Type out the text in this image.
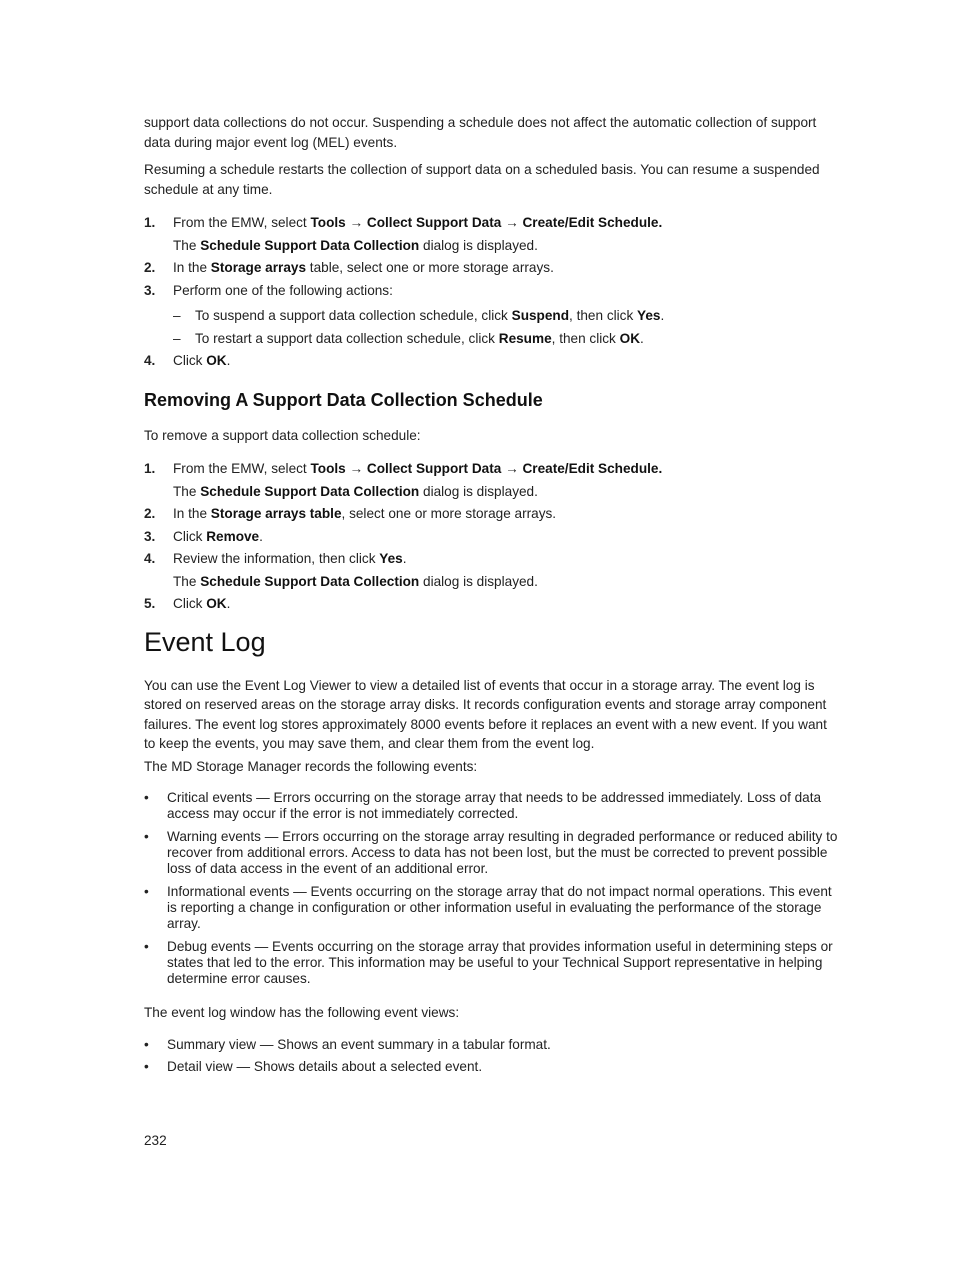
support data collections do not occur. Suspending a schedule does not affect the automatic collection of support data during major event log (MEL) events.

Resuming a schedule restarts the collection of support data on a scheduled basis. You can resume a suspended schedule at any time.

1. From the EMW, select Tools → Collect Support Data → Create/Edit Schedule.
The Schedule Support Data Collection dialog is displayed.
2. In the Storage arrays table, select one or more storage arrays.
3. Perform one of the following actions:
– To suspend a support data collection schedule, click Suspend, then click Yes.
– To restart a support data collection schedule, click Resume, then click OK.
4. Click OK.
Removing A Support Data Collection Schedule

To remove a support data collection schedule:

1. From the EMW, select Tools → Collect Support Data → Create/Edit Schedule.
The Schedule Support Data Collection dialog is displayed.
2. In the Storage arrays table, select one or more storage arrays.
3. Click Remove.
4. Review the information, then click Yes.
The Schedule Support Data Collection dialog is displayed.
5. Click OK.
Event Log

You can use the Event Log Viewer to view a detailed list of events that occur in a storage array. The event log is stored on reserved areas on the storage array disks. It records configuration events and storage array component failures. The event log stores approximately 8000 events before it replaces an event with a new event. If you want to keep the events, you may save them, and clear them from the event log.

The MD Storage Manager records the following events:

• Critical events — Errors occurring on the storage array that needs to be addressed immediately. Loss of data access may occur if the error is not immediately corrected.
• Warning events — Errors occurring on the storage array resulting in degraded performance or reduced ability to recover from additional errors. Access to data has not been lost, but the must be corrected to prevent possible loss of data access in the event of an additional error.
• Informational events — Events occurring on the storage array that do not impact normal operations. This event is reporting a change in configuration or other information useful in evaluating the performance of the storage array.
• Debug events — Events occurring on the storage array that provides information useful in determining steps or states that led to the error. This information may be useful to your Technical Support representative in helping determine error causes.

The event log window has the following event views:

• Summary view — Shows an event summary in a tabular format.
• Detail view — Shows details about a selected event.
232
